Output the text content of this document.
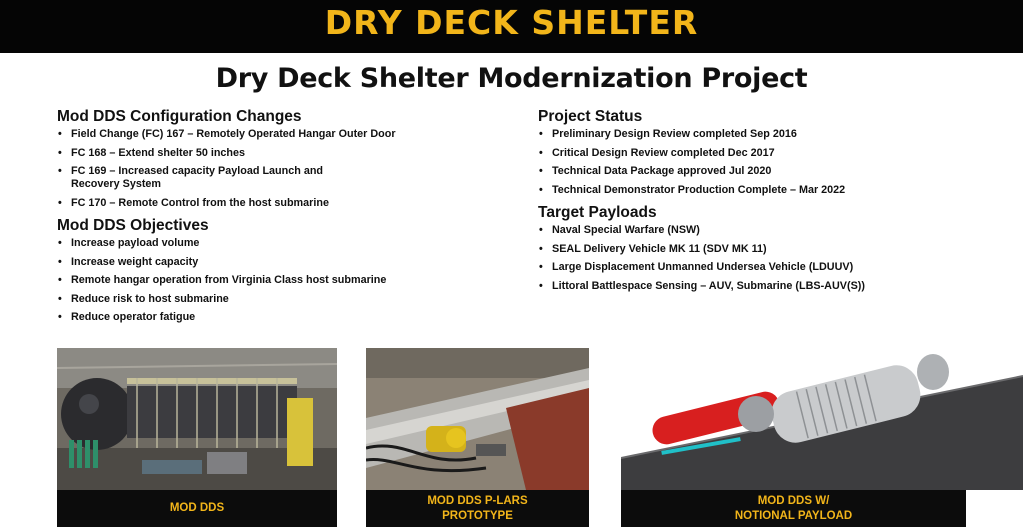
DRY DECK SHELTER
Dry Deck Shelter Modernization Project
Mod DDS Configuration Changes
• Field Change (FC) 167 – Remotely Operated Hangar Outer Door
• FC 168 – Extend shelter 50 inches
• FC 169 – Increased capacity Payload Launch and Recovery System
• FC 170 – Remote Control from the host submarine
Mod DDS Objectives
• Increase payload volume
• Increase weight capacity
• Remote hangar operation from Virginia Class host submarine
• Reduce risk to host submarine
• Reduce operator fatigue
Project Status
• Preliminary Design Review completed Sep 2016
• Critical Design Review completed Dec 2017
• Technical Data Package approved Jul 2020
• Technical Demonstrator Production Complete – Mar 2022
Target Payloads
• Naval Special Warfare (NSW)
• SEAL Delivery Vehicle MK 11 (SDV MK 11)
• Large Displacement Unmanned Undersea Vehicle (LDUUV)
• Littoral Battlespace Sensing – AUV, Submarine (LBS-AUV(S))
MOD DDS
MOD DDS P-LARS
PROTOTYPE
MOD DDS W/
NOTIONAL PAYLOAD
